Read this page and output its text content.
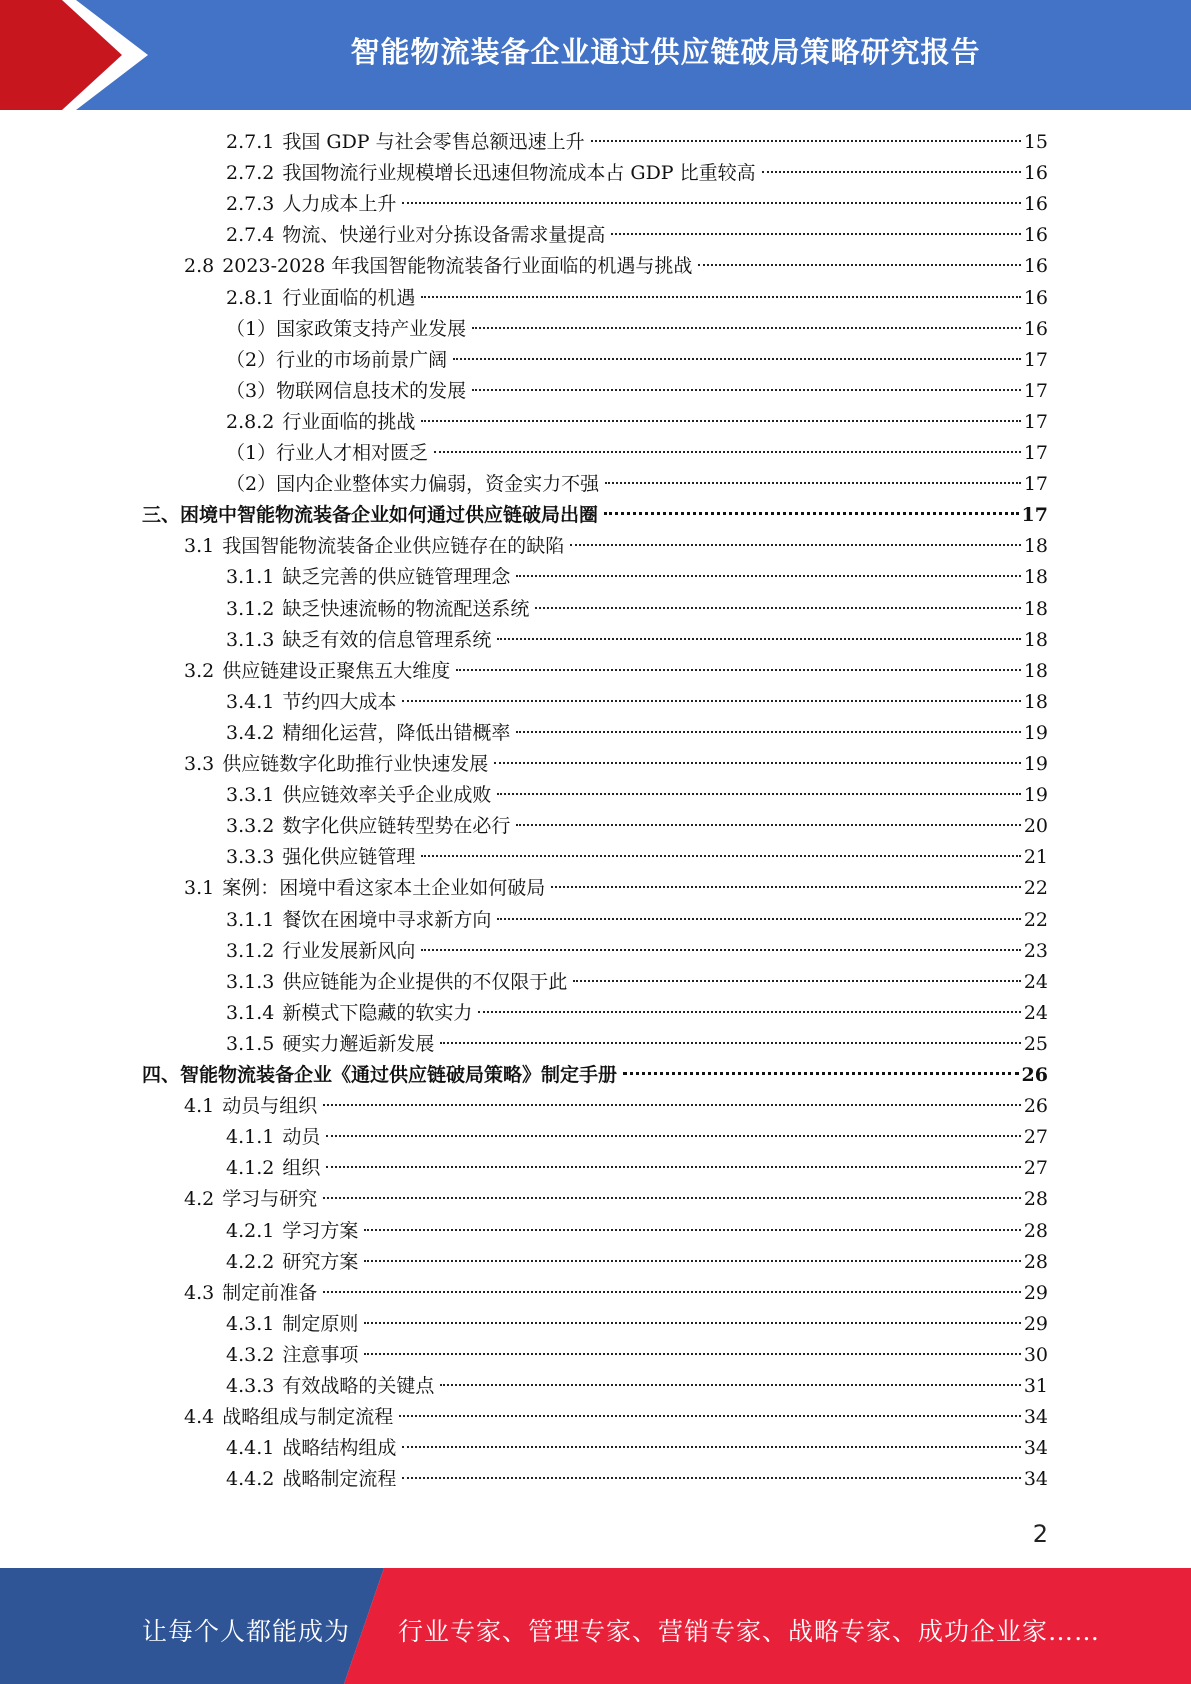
智能物流装备企业通过供应链破局策略研究报告
2.7.1 我国 GDP 与社会零售总额迅速上升	15
2.7.2 我国物流行业规模增长迅速但物流成本占 GDP 比重较高	16
2.7.3 人力成本上升	16
2.7.4 物流、快递行业对分拣设备需求量提高	16
2.8 2023-2028 年我国智能物流装备行业面临的机遇与挑战	16
2.8.1 行业面临的机遇	16
（1） 国家政策支持产业发展	16
（2） 行业的市场前景广阔	17
（3） 物联网信息技术的发展	17
2.8.2 行业面临的挑战	17
（1） 行业人才相对匮乏	17
（2） 国内企业整体实力偏弱，资金实力不强	17
三、 困境中智能物流装备企业如何通过供应链破局出圈	17
3.1 我国智能物流装备企业供应链存在的缺陷	18
3.1.1 缺乏完善的供应链管理理念	18
3.1.2 缺乏快速流畅的物流配送系统	18
3.1.3 缺乏有效的信息管理系统	18
3.2 供应链建设正聚焦五大维度	18
3.4.1 节约四大成本	18
3.4.2 精细化运营，降低出错概率	19
3.3 供应链数字化助推行业快速发展	19
3.3.1 供应链效率关乎企业成败	19
3.3.2 数字化供应链转型势在必行	20
3.3.3 强化供应链管理	21
3.1 案例：困境中看这家本土企业如何破局	22
3.1.1 餐饮在困境中寻求新方向	22
3.1.2 行业发展新风向	23
3.1.3 供应链能为企业提供的不仅限于此	24
3.1.4 新模式下隐藏的软实力	24
3.1.5 硬实力邂逅新发展	25
四、 智能物流装备企业《通过供应链破局策略》制定手册	26
4.1 动员与组织	26
4.1.1 动员	27
4.1.2 组织	27
4.2 学习与研究	28
4.2.1 学习方案	28
4.2.2 研究方案	28
4.3 制定前准备	29
4.3.1 制定原则	29
4.3.2 注意事项	30
4.3.3 有效战略的关键点	31
4.4 战略组成与制定流程	34
4.4.1 战略结构组成	34
4.4.2 战略制定流程	34
2
让每个人都能成为 行业专家、管理专家、营销专家、战略专家、成功企业家……
